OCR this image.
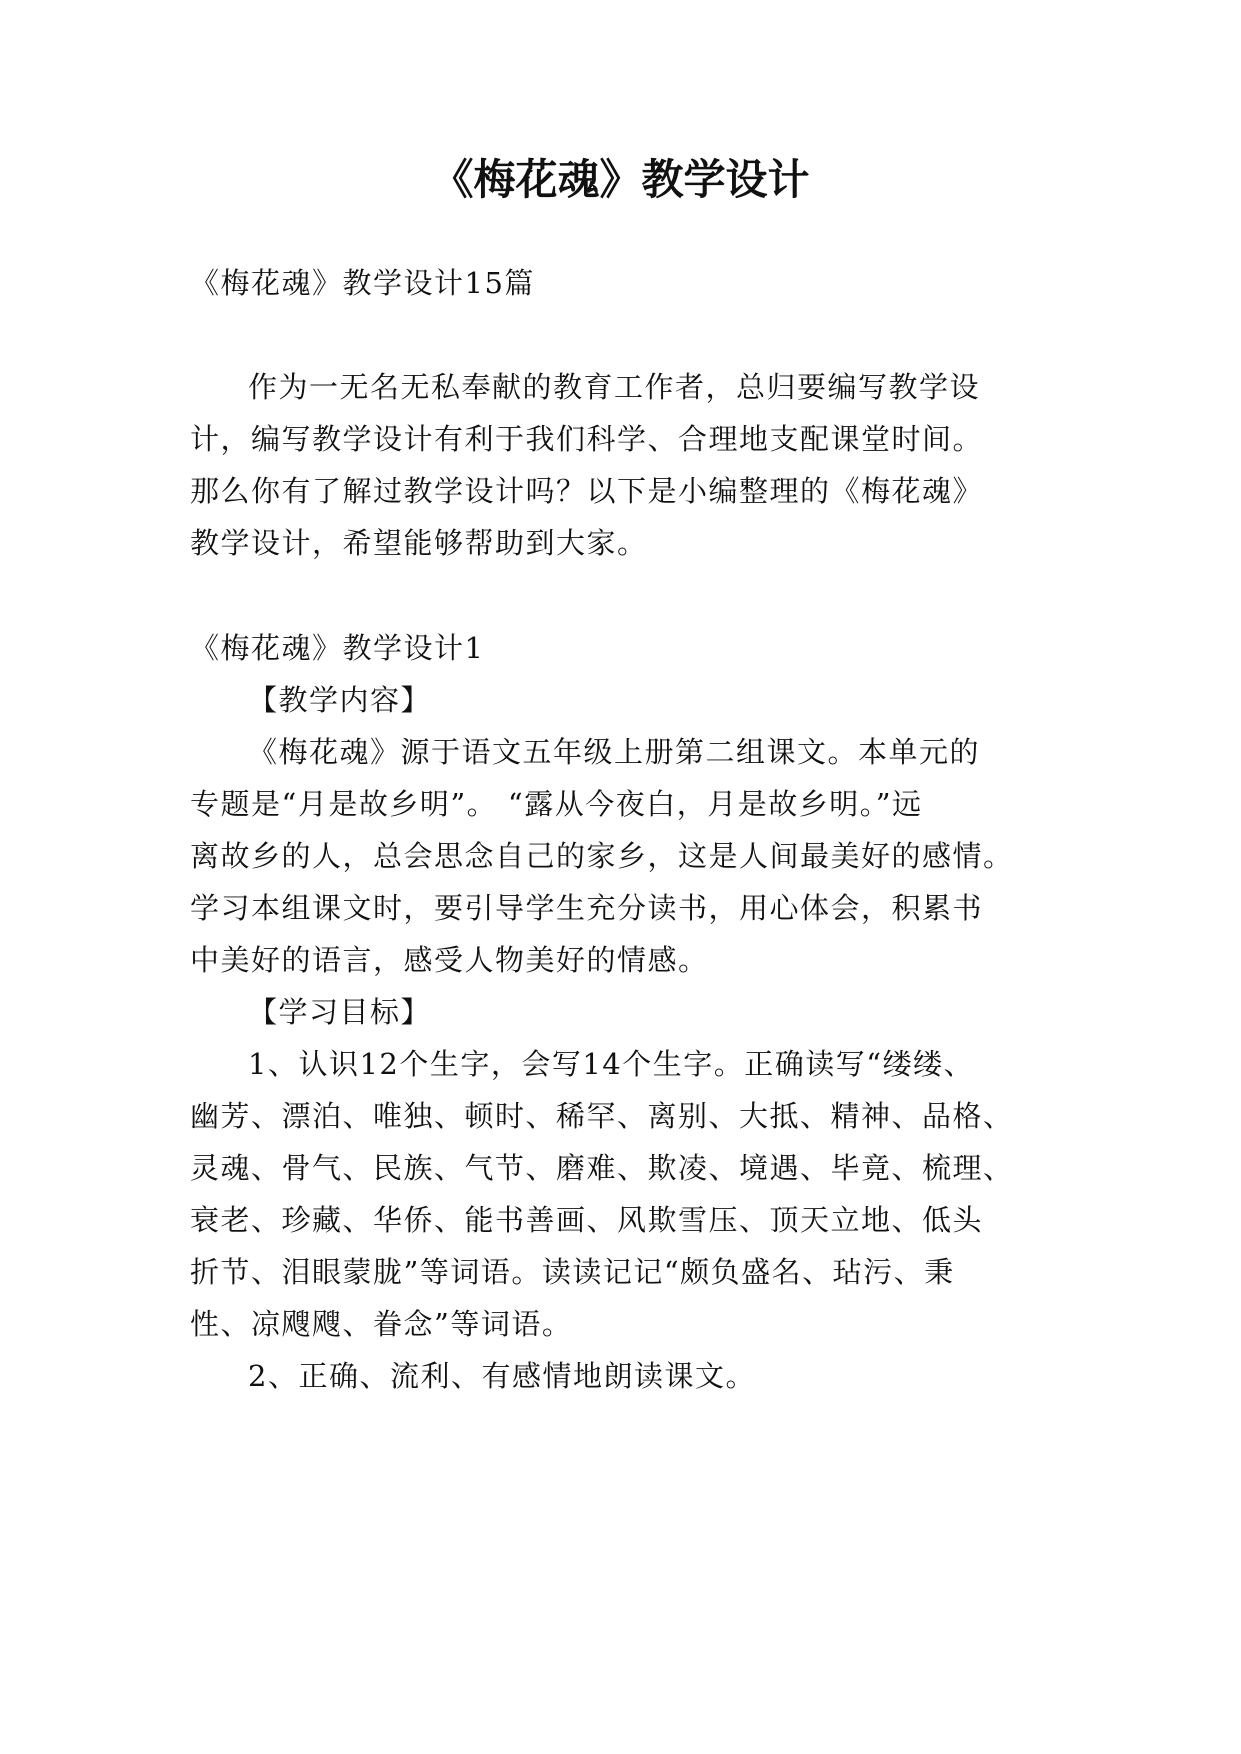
《梅花魂》教学设计
《梅花魂》教学设计15篇
作为一无名无私奉献的教育工作者，总归要编写教学设
计，编写教学设计有利于我们科学、合理地支配课堂时间。
那么你有了解过教学设计吗？以下是小编整理的《梅花魂》
教学设计，希望能够帮助到大家。
《梅花魂》教学设计1
【教学内容】
《梅花魂》源于语文五年级上册第二组课文。本单元的
专题是“月是故乡明”。 “露从今夜白，月是故乡明。”远
离故乡的人，总会思念自己的家乡，这是人间最美好的感情。
学习本组课文时，要引导学生充分读书，用心体会，积累书
中美好的语言，感受人物美好的情感。
【学习目标】
1、认识12个生字，会写14个生字。正确读写“缕缕、
幽芳、漂泊、唯独、顿时、稀罕、离别、大抵、精神、品格、
灵魂、骨气、民族、气节、磨难、欺凌、境遇、毕竟、梳理、
衰老、珍藏、华侨、能书善画、风欺雪压、顶天立地、低头
折节、泪眼蒙胧”等词语。读读记记“颇负盛名、玷污、秉
性、凉飕飕、眷念”等词语。
2、正确、流利、有感情地朗读课文。
